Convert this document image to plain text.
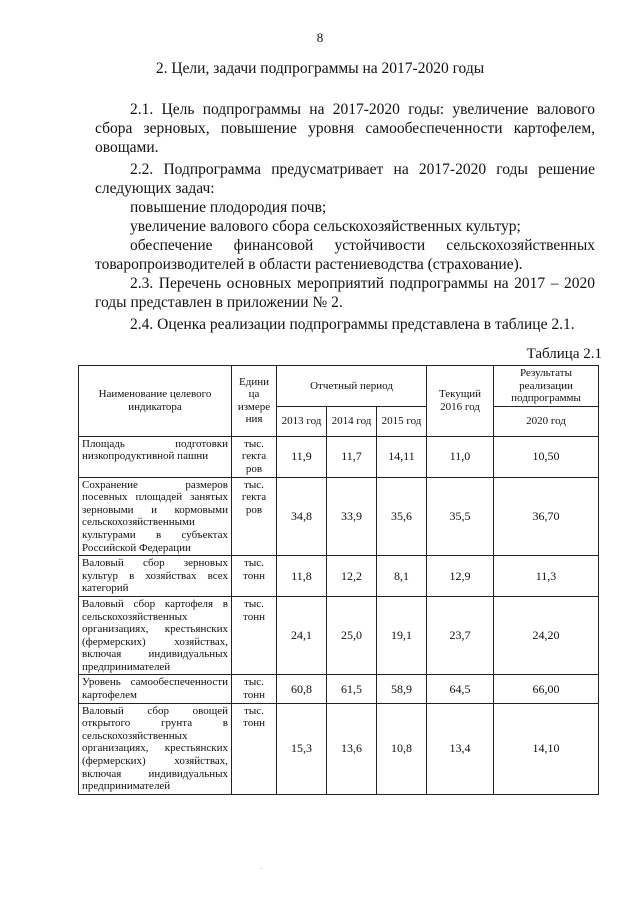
8
2. Цели, задачи подпрограммы на 2017-2020 годы

2.1. Цель подпрограммы на 2017-2020 годы: увеличение валового сбора зерновых, повышение уровня самообеспеченности картофелем, овощами.

2.2. Подпрограмма предусматривает на 2017-2020 годы решение следующих задач:

повышение плодородия почв;

увеличение валового сбора сельскохозяйственных культур;

обеспечение финансовой устойчивости сельскохозяйственных

товаропроизводителей в области растениеводства (страхование).

2.3. Перечень основных мероприятий подпрограммы на 2017 – 2020 годы представлен в приложении № 2.

2.4. Оценка реализации подпрограммы представлена в таблице 2.1.

Таблица 2.1
Наименование целевого индикатора	Едини ца измере ния	Отчетный период			Текущий 2016 год	Результаты реализации подпрограммы
		2013 год	2014 год	2015 год		2020 год
Площадь подготовки низкопродуктивной пашни	тыс. гекта ров	11,9	11,7	14,11	11,0	10,50
Сохранение размеров посевных площадей занятых зерновыми и кормовыми сельскохозяйственными культурами в субъектах Российской Федерации	тыс. гекта ров	34,8	33,9	35,6	35,5	36,70
Валовый сбор зерновых культур в хозяйствах всех категорий	тыс. тонн	11,8	12,2	8,1	12,9	11,3
Валовый сбор картофеля в сельскохозяйственных организациях, крестьянских (фермерских) хозяйствах, включая индивидуальных предпринимателей	тыс. тонн	24,1	25,0	19,1	23,7	24,20
Уровень самообеспеченности картофелем	тыс. тонн	60,8	61,5	58,9	64,5	66,00
Валовый сбор овощей открытого грунта в сельскохозяйственных организациях, крестьянских (фермерских) хозяйствах, включая индивидуальных предпринимателей	тыс. тонн	15,3	13,6	10,8	13,4	14,10
.
